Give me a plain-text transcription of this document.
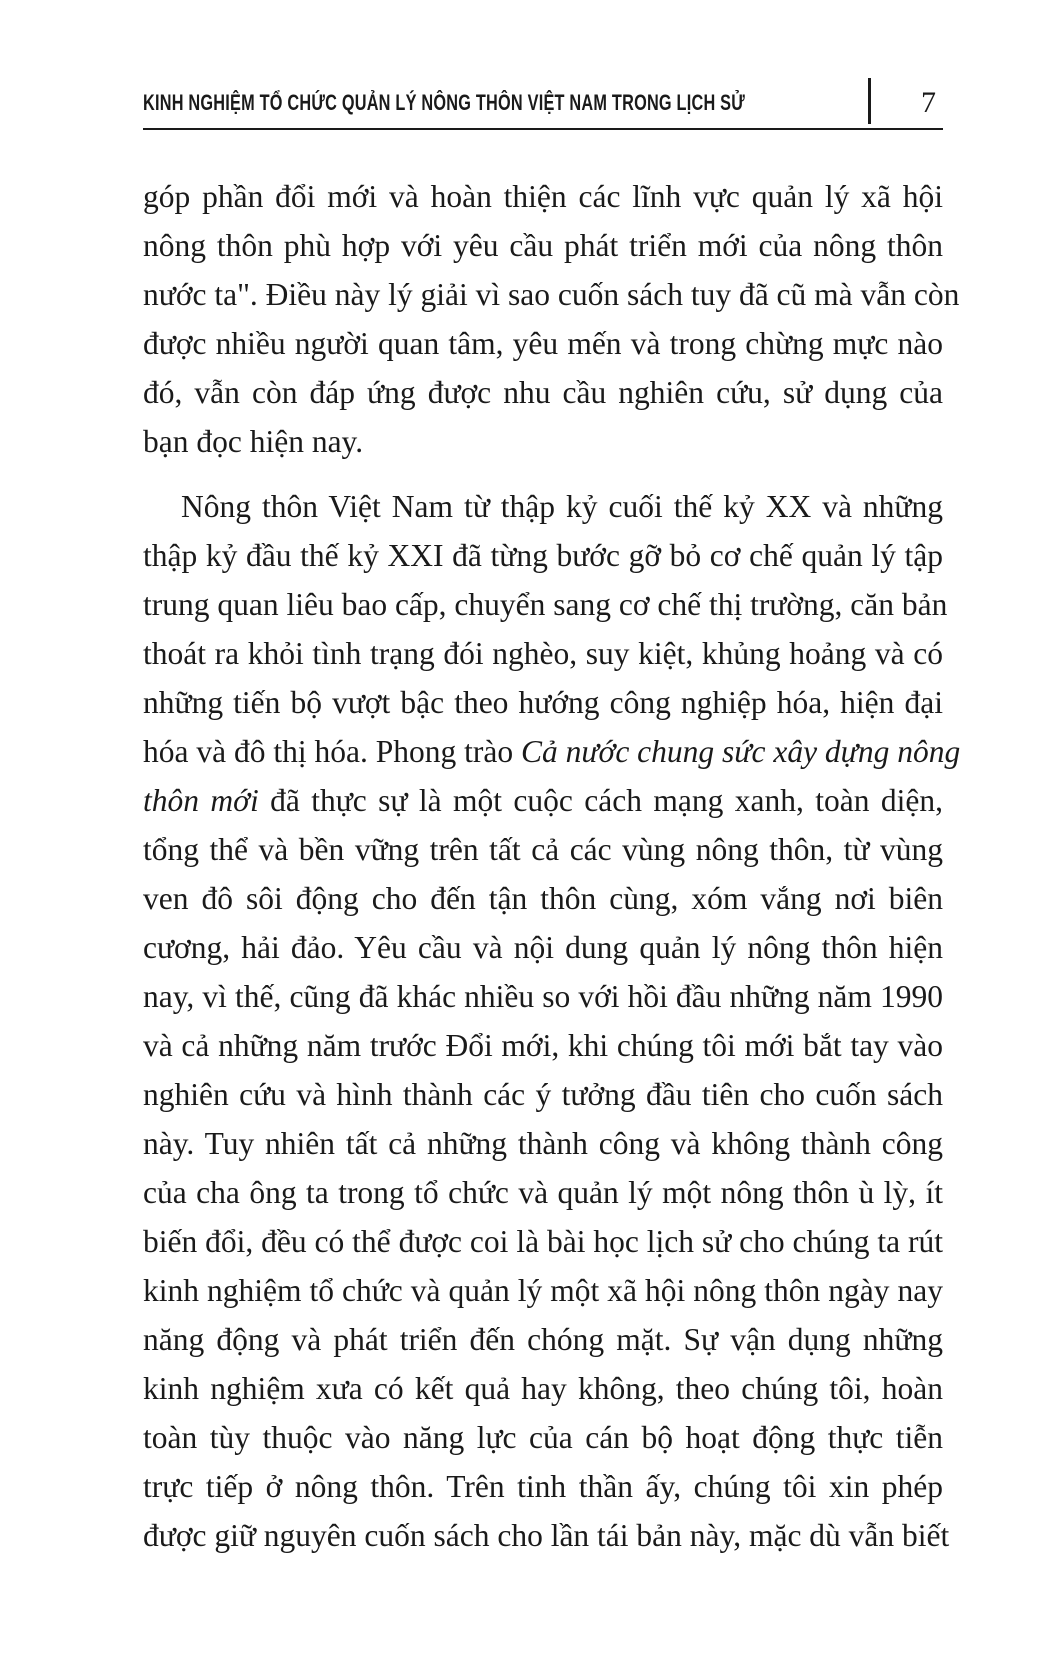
KINH NGHIỆM TỔ CHỨC QUẢN LÝ NÔNG THÔN VIỆT NAM TRONG LỊCH SỬ	7
góp phần đổi mới và hoàn thiện các lĩnh vực quản lý xã hội
nông thôn phù hợp với yêu cầu phát triển mới của nông thôn
nước ta". Điều này lý giải vì sao cuốn sách tuy đã cũ mà vẫn còn
được nhiều người quan tâm, yêu mến và trong chừng mực nào
đó, vẫn còn đáp ứng được nhu cầu nghiên cứu, sử dụng của
bạn đọc hiện nay.
Nông thôn Việt Nam từ thập kỷ cuối thế kỷ XX và những
thập kỷ đầu thế kỷ XXI đã từng bước gỡ bỏ cơ chế quản lý tập
trung quan liêu bao cấp, chuyển sang cơ chế thị trường, căn bản
thoát ra khỏi tình trạng đói nghèo, suy kiệt, khủng hoảng và có
những tiến bộ vượt bậc theo hướng công nghiệp hóa, hiện đại
hóa và đô thị hóa. Phong trào Cả nước chung sức xây dựng nông
thôn mới đã thực sự là một cuộc cách mạng xanh, toàn diện,
tổng thể và bền vững trên tất cả các vùng nông thôn, từ vùng
ven đô sôi động cho đến tận thôn cùng, xóm vắng nơi biên
cương, hải đảo. Yêu cầu và nội dung quản lý nông thôn hiện
nay, vì thế, cũng đã khác nhiều so với hồi đầu những năm 1990
và cả những năm trước Đổi mới, khi chúng tôi mới bắt tay vào
nghiên cứu và hình thành các ý tưởng đầu tiên cho cuốn sách
này. Tuy nhiên tất cả những thành công và không thành công
của cha ông ta trong tổ chức và quản lý một nông thôn ù lỳ, ít
biến đổi, đều có thể được coi là bài học lịch sử cho chúng ta rút
kinh nghiệm tổ chức và quản lý một xã hội nông thôn ngày nay
năng động và phát triển đến chóng mặt. Sự vận dụng những
kinh nghiệm xưa có kết quả hay không, theo chúng tôi, hoàn
toàn tùy thuộc vào năng lực của cán bộ hoạt động thực tiễn
trực tiếp ở nông thôn. Trên tinh thần ấy, chúng tôi xin phép
được giữ nguyên cuốn sách cho lần tái bản này, mặc dù vẫn biết
